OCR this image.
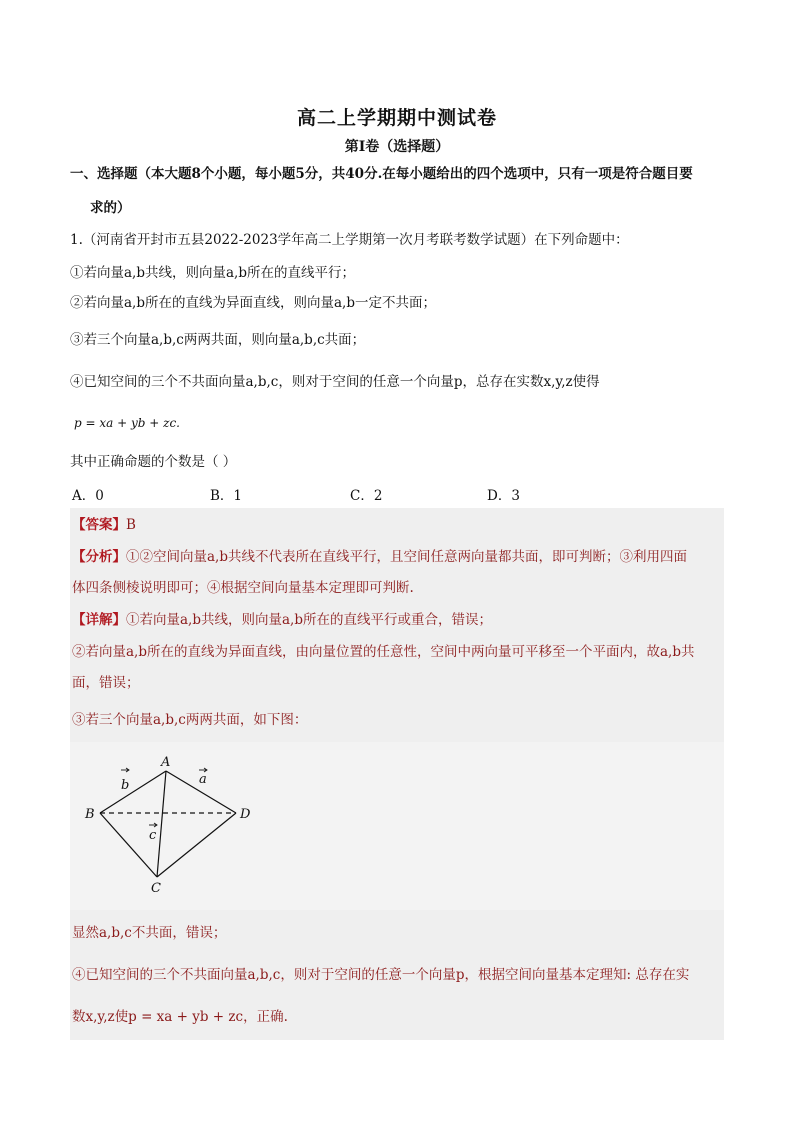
高二上学期期中测试卷
第I卷（选择题）
一、选择题（本大题8个小题，每小题5分，共40分.在每小题给出的四个选项中，只有一项是符合题目要
求的）
1.（河南省开封市五县2022-2023学年高二上学期第一次月考联考数学试题）在下列命题中：
①若向量a,b共线，则向量a,b所在的直线平行；
②若向量a,b所在的直线为异面直线，则向量a,b一定不共面；
③若三个向量a,b,c两两共面，则向量a,b,c共面；
④已知空间的三个不共面向量a,b,c，则对于空间的任意一个向量p，总存在实数x,y,z使得
p = xa + yb + zc.
其中正确命题的个数是（ ）
A．0	B．1	C．2	D．3
【答案】B
【分析】①②空间向量a,b共线不代表所在直线平行，且空间任意两向量都共面，即可判断；③利用四面
体四条侧棱说明即可；④根据空间向量基本定理即可判断.
【详解】①若向量a,b共线，则向量a,b所在的直线平行或重合，错误；
②若向量a,b所在的直线为异面直线，由向量位置的任意性，空间中两向量可平移至一个平面内，故a,b共
面，错误；
③若三个向量a,b,c两两共面，如下图：
A
B
C
D
a
b
c
显然a,b,c不共面，错误；
④已知空间的三个不共面向量a,b,c，则对于空间的任意一个向量p，根据空间向量基本定理知: 总存在实
数x,y,z使p = xa + yb + zc，正确.
